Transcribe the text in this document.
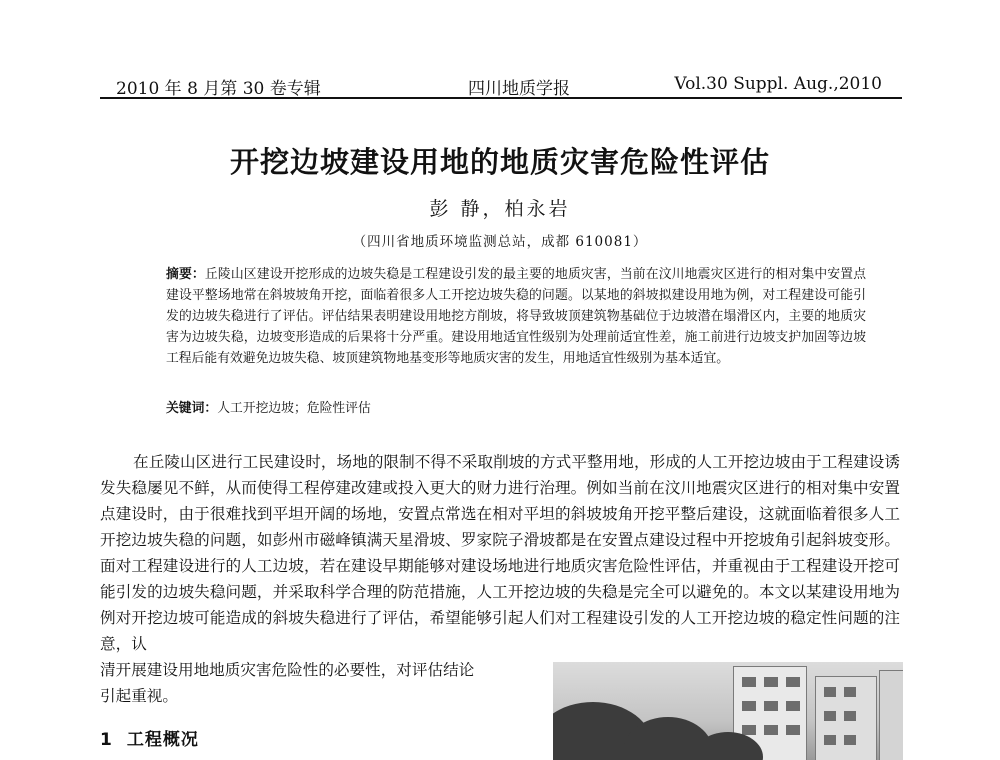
2010 年 8 月第 30 卷专辑	四川地质学报	Vol.30 Suppl. Aug.,2010
开挖边坡建设用地的地质灾害危险性评估
彭 静，柏永岩
（四川省地质环境监测总站，成都 610081）
摘要：丘陵山区建设开挖形成的边坡失稳是工程建设引发的最主要的地质灾害，当前在汶川地震灾区进行的相对集中安置点建设平整场地常在斜坡坡角开挖，面临着很多人工开挖边坡失稳的问题。以某地的斜坡拟建设用地为例，对工程建设可能引发的边坡失稳进行了评估。评估结果表明建设用地挖方削坡，将导致坡顶建筑物基础位于边坡潜在塌滑区内，主要的地质灾害为边坡失稳，边坡变形造成的后果将十分严重。建设用地适宜性级别为处理前适宜性差，施工前进行边坡支护加固等边坡工程后能有效避免边坡失稳、坡顶建筑物地基变形等地质灾害的发生，用地适宜性级别为基本适宜。
关键词：人工开挖边坡；危险性评估
在丘陵山区进行工民建设时，场地的限制不得不采取削坡的方式平整用地，形成的人工开挖边坡由于工程建设诱发失稳屡见不鲜，从而使得工程停建改建或投入更大的财力进行治理。例如当前在汶川地震灾区进行的相对集中安置点建设时，由于很难找到平坦开阔的场地，安置点常选在相对平坦的斜坡坡角开挖平整后建设，这就面临着很多人工开挖边坡失稳的问题，如彭州市磁峰镇满天星滑坡、罗家院子滑坡都是在安置点建设过程中开挖坡角引起斜坡变形。面对工程建设进行的人工边坡，若在建设早期能够对建设场地进行地质灾害危险性评估，并重视由于工程建设开挖可能引发的边坡失稳问题，并采取科学合理的防范措施，人工开挖边坡的失稳是完全可以避免的。本文以某建设用地为例对开挖边坡可能造成的斜坡失稳进行了评估，希望能够引起人们对工程建设引发的人工开挖边坡的稳定性问题的注意，认
清开展建设用地地质灾害危险性的必要性，对评估结论
引起重视。
1 工程概况
